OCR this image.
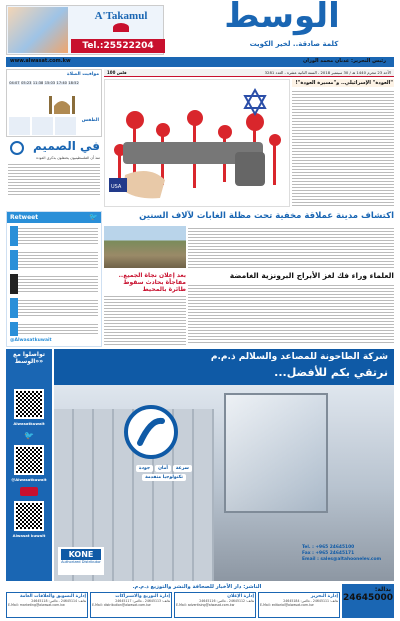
A'Takamul
Tel.:25522204
الوسط
كلمة صادقة.. لخير الكويت
www.alwasat.com.kw	رئيس التحرير: عدنان محمد الوزان
مواقيت الصلاة
04:07 05:23 11:38 15:03 17:40 18:52
الطقس
100 فلس	الأحد 23 محرم 1440 هـ / 30 سبتمبر 2018 - السنة الثانية عشرة - العدد 3281
USA
"العودة" الإسرائيلي.. و"مسيرة العودة"!
في الصميم
منذ أن الفلسطينيون يحتفلون بذكرى العودة
Retweet	🐦
@Alwasatkuwait
اكتشاف مدينة عملاقة مخفية تحت مظلة الغابات لآلاف السنين
العلماء وراء فك لغز الأبراج البرونزية الغامضة
بعد إعلان نجاة الجميع.. مفاجأة بحادث سقوط طائرة بالمحيط
تواصلوا مع «الوسط»
Alwasatkuwait
🐦
@Alwasatkuwait
Alwasat kuwait
شركة الطاحونة للمصاعد والسلالم ذ.م.م
نرتقي بكم للأفضل...
جودة	أمان	سرعة
تكنولوجيا متقدمة
KONE
Authorized Distributor
Tel. : +965 24645100
Fax : +965 24645171
Email : sales@altahoonelev.com
الناشر: دار الأخبار للصحافة والنشر والتوزيع ذ.م.م.
إدارة التحرير
هاتف: 24645111 - فاكس: 24645184
E-Mail: editorial@alwasat.com.kw
إدارة الإعلان
هاتف: 24645112 - فاكس: 24645116
E-Mail: advertising@alwasat.com.kw
إدارة التوزيع والاشتراكات
هاتف: 24645113 - فاكس: 24645117
E-Mail: distribution@alwasat.com.kw
إدارة التسويق والعلاقات العامة
هاتف: 24645114 - فاكس: 24645118
E-Mail: marketing@alwasat.com.kw
بدالة:
24645000
